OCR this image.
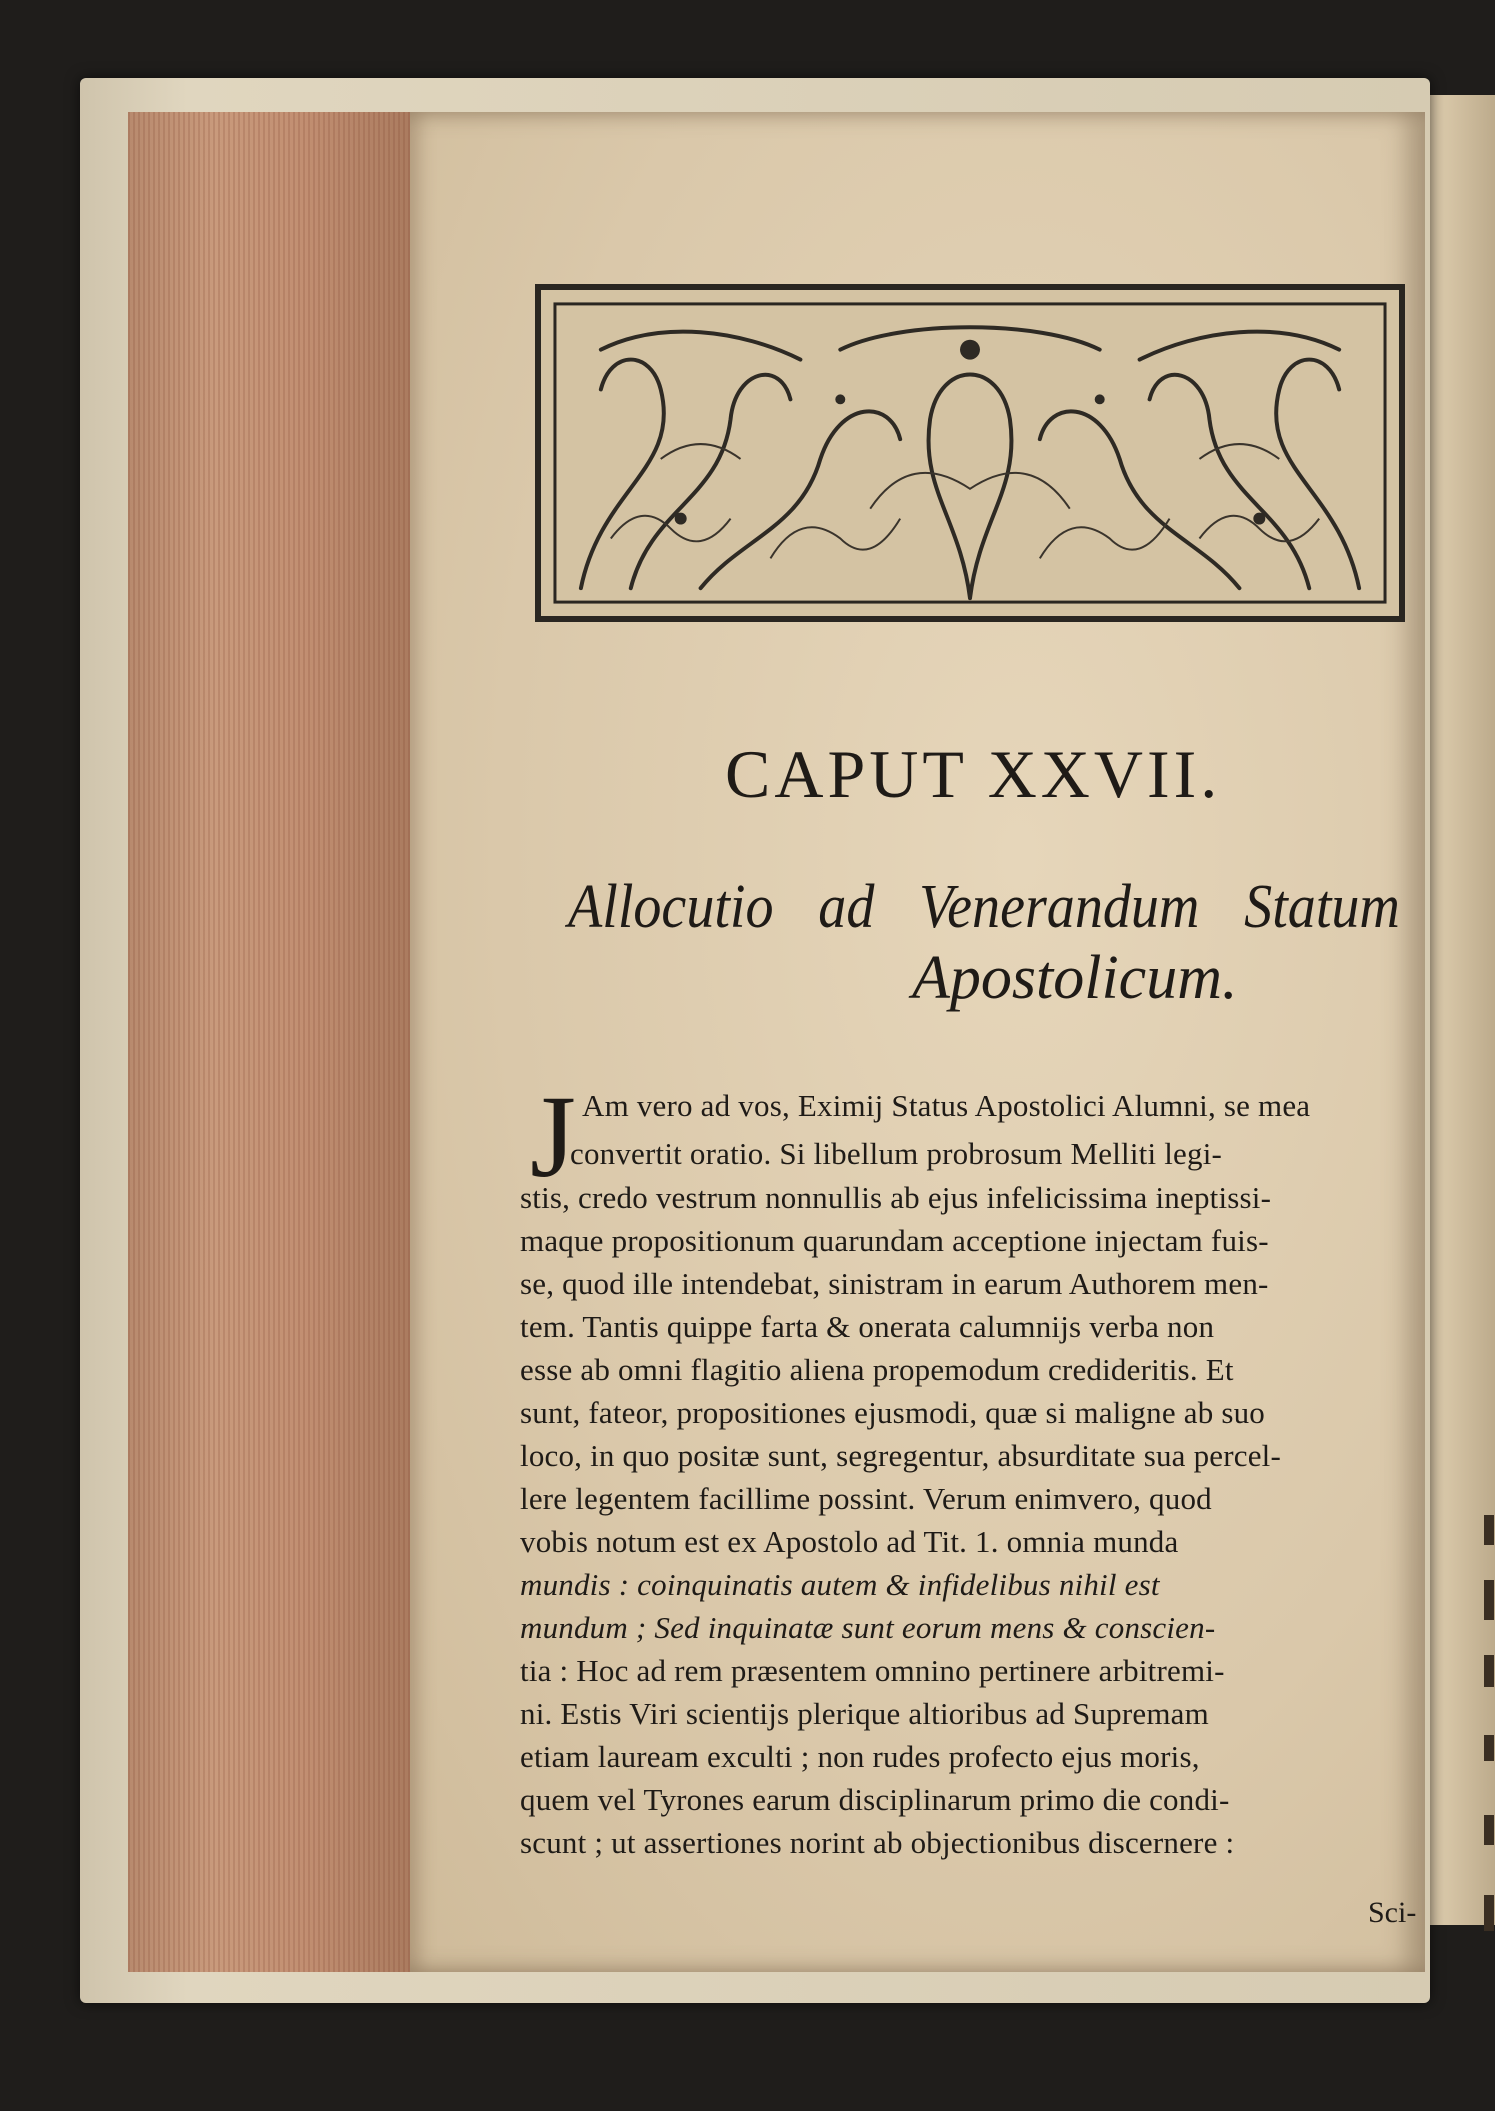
CAPUT XXVII.
Allocutio ad Venerandum Statum
Apostolicum.
J Am vero ad vos, Eximij Status Apostolici Alumni, se mea
convertit oratio. Si libellum probrosum Melliti legi-
stis, credo vestrum nonnullis ab ejus infelicissima ineptissi-
maque propositionum quarundam acceptione injectam fuis-
se, quod ille intendebat, sinistram in earum Authorem men-
tem. Tantis quippe farta & onerata calumnijs verba non
esse ab omni flagitio aliena propemodum credideritis. Et
sunt, fateor, propositiones ejusmodi, quæ si maligne ab suo
loco, in quo positæ sunt, segregentur, absurditate sua percel-
lere legentem facillime possint. Verum enimvero, quod
vobis notum est ex Apostolo ad Tit. 1. omnia munda
mundis : coinquinatis autem & infidelibus nihil est
mundum ; Sed inquinatæ sunt eorum mens & conscien-
tia : Hoc ad rem præsentem omnino pertinere arbitremi-
ni. Estis Viri scientijs plerique altioribus ad Supremam
etiam lauream exculti ; non rudes profecto ejus moris,
quem vel Tyrones earum disciplinarum primo die condi-
scunt ; ut assertiones norint ab objectionibus discernere :
Sci-
